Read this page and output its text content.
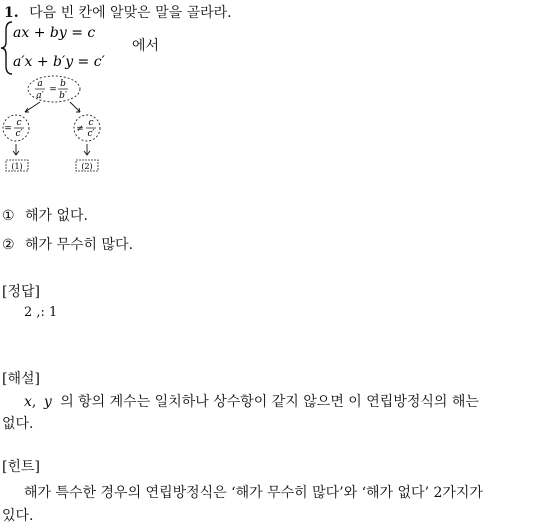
1. 다음 빈 칸에 알맞은 말을 골라라.
ax + by = c
a′x + b′y = c′
에서
a
a′
=
b
b′
=
c
c′	≠
c
c′
(1)	(2)
① 해가 없다.
② 해가 무수히 많다.
[정답]
2 ,: 1
[해설]
x, y 의 항의 계수는 일치하나 상수항이 같지 않으면 이 연립방정식의 해는
없다.
[힌트]
해가 특수한 경우의 연립방정식은 ‘해가 무수히 많다’와 ‘해가 없다’ 2가지가
있다.
